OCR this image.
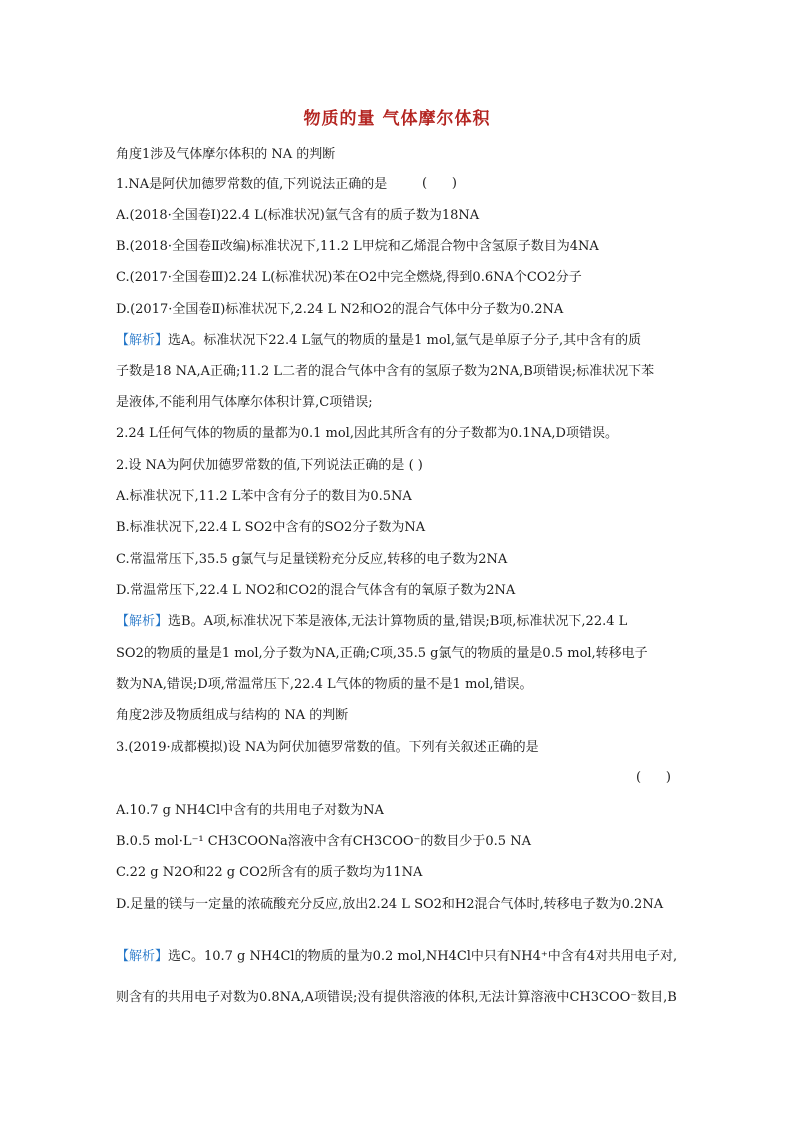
物质的量 气体摩尔体积
角度1涉及气体摩尔体积的 NA 的判断
1.NA是阿伏加德罗常数的值,下列说法正确的是	(      )
A.(2018·全国卷Ⅰ)22.4 L(标准状况)氩气含有的质子数为18NA
B.(2018·全国卷Ⅱ改编)标准状况下,11.2 L甲烷和乙烯混合物中含氢原子数目为4NA
C.(2017·全国卷Ⅲ)2.24 L(标准状况)苯在O2中完全燃烧,得到0.6NA个CO2分子
D.(2017·全国卷Ⅱ)标准状况下,2.24 L N2和O2的混合气体中分子数为0.2NA
【解析】选A。标准状况下22.4 L氩气的物质的量是1 mol,氩气是单原子分子,其中含有的质
子数是18 NA,A正确;11.2 L二者的混合气体中含有的氢原子数为2NA,B项错误;标准状况下苯
是液体,不能利用气体摩尔体积计算,C项错误;
2.24 L任何气体的物质的量都为0.1 mol,因此其所含有的分子数都为0.1NA,D项错误。
2.设 NA为阿伏加德罗常数的值,下列说法正确的是 ( )
A.标准状况下,11.2 L苯中含有分子的数目为0.5NA
B.标准状况下,22.4 L SO2中含有的SO2分子数为NA
C.常温常压下,35.5 g氯气与足量镁粉充分反应,转移的电子数为2NA
D.常温常压下,22.4 L NO2和CO2的混合气体含有的氧原子数为2NA
【解析】选B。A项,标准状况下苯是液体,无法计算物质的量,错误;B项,标准状况下,22.4 L
SO2的物质的量是1 mol,分子数为NA,正确;C项,35.5 g氯气的物质的量是0.5 mol,转移电子
数为NA,错误;D项,常温常压下,22.4 L气体的物质的量不是1 mol,错误。
角度2涉及物质组成与结构的 NA 的判断
3.(2019·成都模拟)设 NA为阿伏加德罗常数的值。下列有关叙述正确的是
(      )
A.10.7 g NH4Cl中含有的共用电子对数为NA
B.0.5 mol·L⁻¹ CH3COONa溶液中含有CH3COO⁻的数目少于0.5 NA
C.22 g N2O和22 g CO2所含有的质子数均为11NA
D.足量的镁与一定量的浓硫酸充分反应,放出2.24 L SO2和H2混合气体时,转移电子数为0.2NA
【解析】选C。10.7 g NH4Cl的物质的量为0.2 mol,NH4Cl中只有NH4⁺中含有4对共用电子对,
则含有的共用电子对数为0.8NA,A项错误;没有提供溶液的体积,无法计算溶液中CH3COO⁻数目,B
